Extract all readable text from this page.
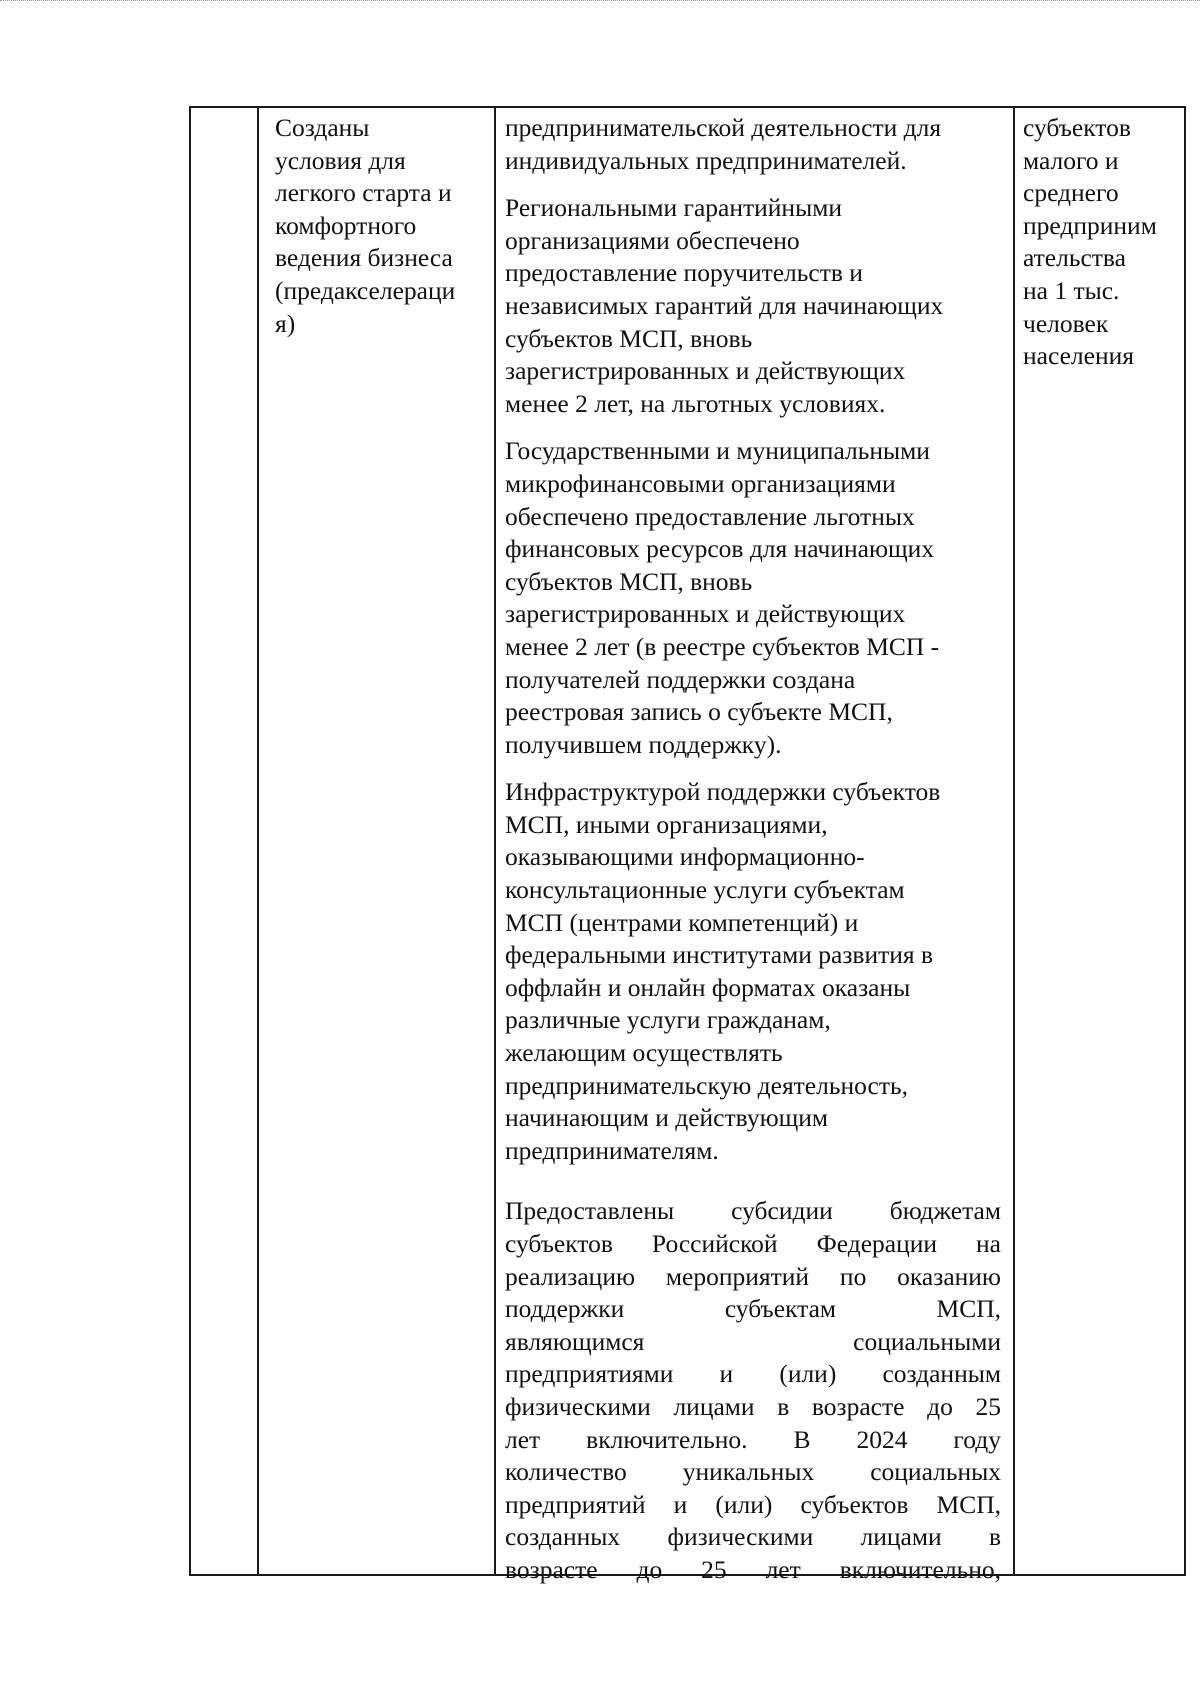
Созданы
условия для
легкого старта и
комфортного
ведения бизнеса
(предакселераци
я)

предпринимательской деятельности для
индивидуальных предпринимателей.

Региональными гарантийными
организациями обеспечено
предоставление поручительств и
независимых гарантий для начинающих
субъектов МСП, вновь
зарегистрированных и действующих
менее 2 лет, на льготных условиях.

Государственными и муниципальными
микрофинансовыми организациями
обеспечено предоставление льготных
финансовых ресурсов для начинающих
субъектов МСП, вновь
зарегистрированных и действующих
менее 2 лет (в реестре субъектов МСП -
получателей поддержки создана
реестровая запись о субъекте МСП,
получившем поддержку).

Инфраструктурой поддержки субъектов
МСП, иными организациями,
оказывающими информационно-
консультационные услуги субъектам
МСП (центрами компетенций) и
федеральными институтами развития в
оффлайн и онлайн форматах оказаны
различные услуги гражданам,
желающим осуществлять
предпринимательскую деятельность,
начинающим и действующим
предпринимателям.

Предоставлены субсидии бюджетам
субъектов Российской Федерации на
реализацию мероприятий по оказанию
поддержки субъектам МСП,
являющимся социальными
предприятиями и (или) созданным
физическими лицами в возрасте до 25
лет включительно. В 2024 году
количество уникальных социальных
предприятий и (или) субъектов МСП,
созданных физическими лицами в
возрасте до 25 лет включительно,

субъектов
малого и
среднего
предприним
ательства
на 1 тыс.
человек
населения
